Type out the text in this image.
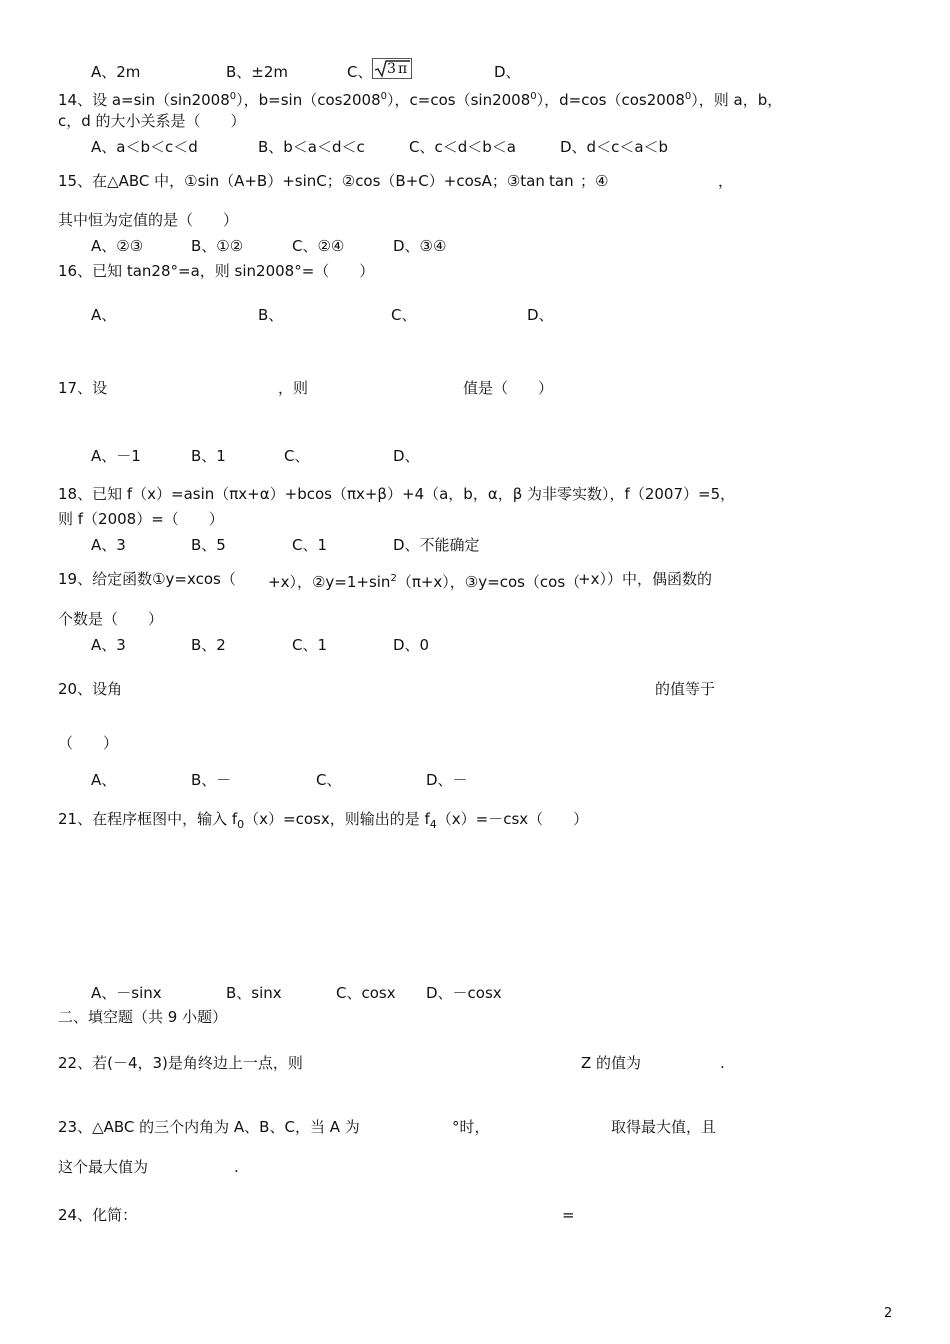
A、2m	B、±2m	C、 3 π	D、
14、设 $a=\sin(\sin 2008^0)$，$b=\sin(\cos 2008^0)$，$c=\cos(\sin 2008^0)$，$d=\cos(\cos 2008^0)$，则 a，b，
c，d 的大小关系是（　　）
A、a＜b＜c＜d	B、b＜a＜d＜c	C、c＜d＜b＜a	D、d＜c＜a＜b
15、在△ABC 中，①sin（A+B）+sinC；②cos（B+C）+cosA；③tan tan ；④	，
其中恒为定值的是（　　）
A、②③	B、①②	C、②④	D、③④
16、已知 tan28°=a，则 sin2008°=（　　）
A、	B、	C、	D、
17、设	，则	值是（　　）
A、－1	B、1	C、	D、
18、已知 f（x）=asin（πx+α）+bcos（πx+β）+4（a，b，α，β 为非零实数），f（2007）=5，
则 f（2008）=（　　）
A、3	B、5	C、1	D、不能确定
19、给定函数①y=xcos（ +x），$②y=1+\sin^2(\pi+x)$，③y=cos（cos（
+x））中，偶函数的
个数是（　　）
A、3	B、2	C、1	D、0
20、设角	的值等于
（　　）
A、	B、－	C、	D、－
21、在程序框图中，输入 $f_0(x)=\cos x$，则输出的是 $f_4(x)=-csx$（　　）
A、－sinx	B、sinx	C、cosx D、－cosx
二、填空题（共 9 小题）
22、若(－4，3)是角终边上一点，则	Z 的值为	.
23、△ABC 的三个内角为 A、B、C，当 A 为	°时，	取得最大值，且
这个最大值为	.
24、化简：	=
2
